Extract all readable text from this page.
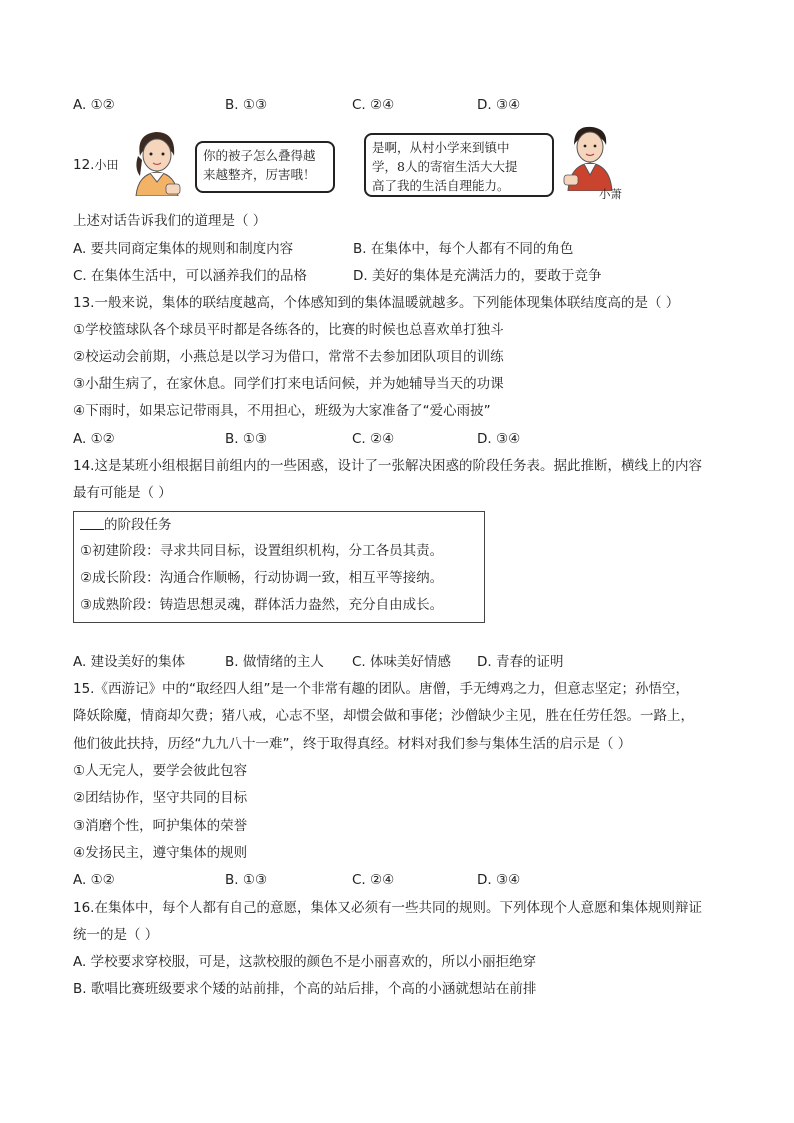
A. ①②	B. ①③	C. ②④	D. ③④
12.小田
你的被子怎么叠得越
来越整齐，厉害哦！
是啊，从村小学来到镇中
学，8人的寄宿生活大大提
高了我的生活自理能力。
小萧
上述对话告诉我们的道理是（ ）
A. 要共同商定集体的规则和制度内容	B. 在集体中，每个人都有不同的角色
C. 在集体生活中，可以涵养我们的品格	D. 美好的集体是充满活力的，要敢于竞争
13.一般来说，集体的联结度越高，个体感知到的集体温暖就越多。下列能体现集体联结度高的是（ ）
①学校篮球队各个球员平时都是各练各的，比赛的时候也总喜欢单打独斗
②校运动会前期，小燕总是以学习为借口，常常不去参加团队项目的训练
③小甜生病了，在家休息。同学们打来电话问候，并为她辅导当天的功课
④下雨时，如果忘记带雨具，不用担心，班级为大家准备了“爱心雨披”
A. ①②	B. ①③	C. ②④	D. ③④
14.这是某班小组根据目前组内的一些困惑，设计了一张解决困惑的阶段任务表。据此推断，横线上的内容
最有可能是（ ）
的阶段任务
①初建阶段：寻求共同目标，设置组织机构，分工各员其责。
②成长阶段：沟通合作顺畅，行动协调一致，相互平等接纳。
③成熟阶段：铸造思想灵魂，群体活力盎然，充分自由成长。
A. 建设美好的集体	B. 做情绪的主人 C. 体味美好情感 D. 青春的证明
15.《西游记》中的“取经四人组”是一个非常有趣的团队。唐僧，手无缚鸡之力，但意志坚定；孙悟空，
降妖除魔，情商却欠费；猪八戒，心志不坚，却惯会做和事佬；沙僧缺少主见，胜在任劳任怨。一路上，
他们彼此扶持，历经“九九八十一难”，终于取得真经。材料对我们参与集体生活的启示是（ ）
①人无完人，要学会彼此包容
②团结协作，坚守共同的目标
③消磨个性，呵护集体的荣誉
④发扬民主，遵守集体的规则
A. ①②	B. ①③	C. ②④	D. ③④
16.在集体中，每个人都有自己的意愿，集体又必须有一些共同的规则。下列体现个人意愿和集体规则辩证
统一的是（ ）
A. 学校要求穿校服，可是，这款校服的颜色不是小丽喜欢的，所以小丽拒绝穿
B. 歌唱比赛班级要求个矮的站前排，个高的站后排，个高的小涵就想站在前排
